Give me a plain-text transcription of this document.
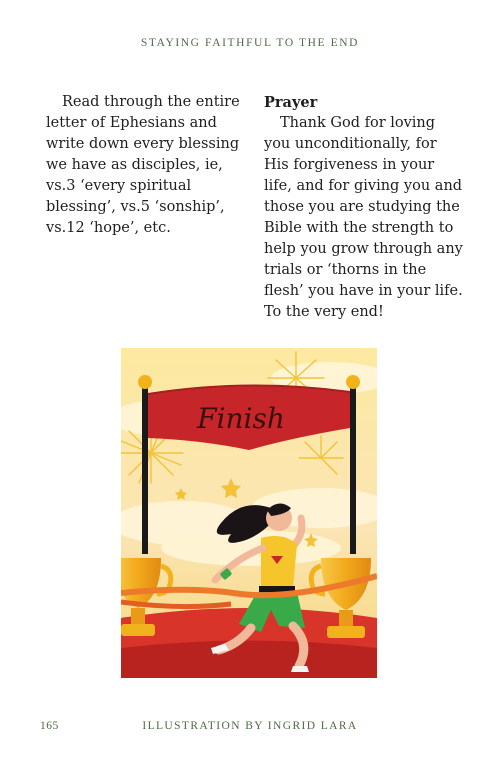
STAYING FAITHFUL TO THE END

Read through the entire letter of Ephesians and write down every blessing we have as disciples, ie, vs.3 ‘every spiritual blessing’, vs.5 ‘sonship’, vs.12 ‘hope’, etc.

Prayer

Thank God for loving you unconditionally, for His forgiveness in your life, and for giving you and those you are studying the Bible with the strength to help you grow through any trials or ‘thorns in the flesh’ you have in your life. To the very end!

Finish
165	ILLUSTRATION BY INGRID LARA
